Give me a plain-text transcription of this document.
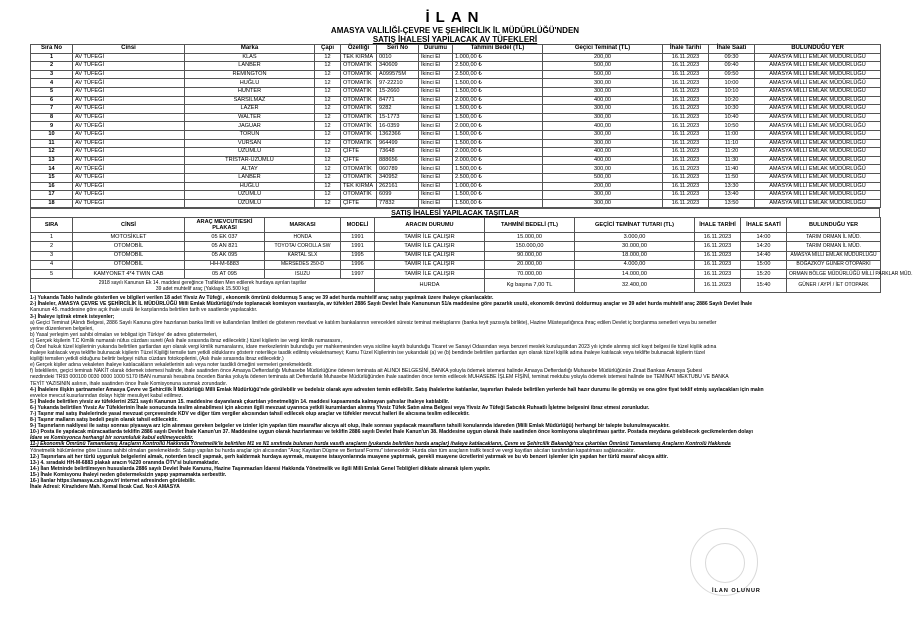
İLAN
AMASYA VALİLİĞİ-ÇEVRE VE ŞEHİRCİLİK İL MÜDÜRLÜĞÜ'NDEN
SATIŞ İHALESİ YAPILACAK AV TÜFEKLERİ
Sıra No	Cinsi	Marka	Çapı	Özelliği	Seri No	Durumu	Tahmini Bedel (TL)	Geçici Teminat (TL)	İhale Tarihi	İhale Saati	BULUNDUĞU YER
1	AV TÜFEĞİ	KLAS	12	TEK KIRMA	0010	İkinci El	1.000,00 ₺	200,00	16.11.2023	09:30	AMASYA MİLLİ EMLAK MÜDÜRLÜĞÜ
2	AV TÜFEĞİ	LANBER	12	OTOMATİK	340609	İkinci El	2.500,00 ₺	500,00	16.11.2023	09:40	AMASYA MİLLİ EMLAK MÜDÜRLÜĞÜ
3	AV TÜFEĞİ	REMINGTON	12	OTOMATİK	A099575M	İkinci El	2.500,00 ₺	500,00	16.11.2023	09:50	AMASYA MİLLİ EMLAK MÜDÜRLÜĞÜ
4	AV TÜFEĞİ	HUĞLU	12	OTOMATİK	97-22210	İkinci El	1.500,00 ₺	300,00	16.11.2023	10:00	AMASYA MİLLİ EMLAK MÜDÜRLÜĞÜ
5	AV TÜFEĞİ	HUNTER	12	OTOMATİK	15-2660	İkinci El	1.500,00 ₺	300,00	16.11.2023	10:10	AMASYA MİLLİ EMLAK MÜDÜRLÜĞÜ
6	AV TÜFEĞİ	SARSILMAZ	12	OTOMATİK	84771	İkinci El	2.000,00 ₺	400,00	16.11.2023	10:20	AMASYA MİLLİ EMLAK MÜDÜRLÜĞÜ
7	AV TÜFEĞİ	LAZER	12	OTOMATİK	9282	İkinci El	1.500,00 ₺	300,00	16.11.2023	10:30	AMASYA MİLLİ EMLAK MÜDÜRLÜĞÜ
8	AV TÜFEĞİ	WALTER	12	OTOMATİK	15-1773	İkinci El	1.500,00 ₺	300,00	16.11.2023	10:40	AMASYA MİLLİ EMLAK MÜDÜRLÜĞÜ
9	AV TÜFEĞİ	JAGUAR	12	OTOMATİK	16-0359	İkinci El	2.000,00 ₺	400,00	16.11.2023	10:50	AMASYA MİLLİ EMLAK MÜDÜRLÜĞÜ
10	AV TÜFEĞİ	TORUN	12	OTOMATİK	1362366	İkinci El	1.500,00 ₺	300,00	16.11.2023	11:00	AMASYA MİLLİ EMLAK MÜDÜRLÜĞÜ
11	AV TÜFEĞİ	VURSAN	12	OTOMATİK	964499	İkinci El	1.500,00 ₺	300,00	16.11.2023	11:10	AMASYA MİLLİ EMLAK MÜDÜRLÜĞÜ
12	AV TÜFEĞİ	ÜZÜMLÜ	12	ÇİFTE	73648	İkinci El	2.000,00 ₺	400,00	16.11.2023	11:20	AMASYA MİLLİ EMLAK MÜDÜRLÜĞÜ
13	AV TÜFEĞİ	TRİSTAR-ÜZÜMLÜ	12	ÇİFTE	888656	İkinci El	2.000,00 ₺	400,00	16.11.2023	11:30	AMASYA MİLLİ EMLAK MÜDÜRLÜĞÜ
14	AV TÜFEĞİ	ALTAY	12	OTOMATİK	060789	İkinci El	1.500,00 ₺	300,00	16.11.2023	11:40	AMASYA MİLLİ EMLAK MÜDÜRLÜĞÜ
15	AV TÜFEĞİ	LANBER	12	OTOMATİK	340952	İkinci El	2.500,00 ₺	500,00	16.11.2023	11:50	AMASYA MİLLİ EMLAK MÜDÜRLÜĞÜ
16	AV TÜFEĞİ	HUĞLU	12	TEK KIRMA	262161	İkinci El	1.000,00 ₺	200,00	16.11.2023	13:30	AMASYA MİLLİ EMLAK MÜDÜRLÜĞÜ
17	AV TÜFEĞİ	ÜZÜMLÜ	12	OTOMATİK	6099	İkinci El	1.500,00 ₺	300,00	16.11.2023	13:40	AMASYA MİLLİ EMLAK MÜDÜRLÜĞÜ
18	AV TÜFEĞİ	ÜZÜMLÜ	12	ÇİFTE	77832	İkinci El	1.500,00 ₺	300,00	16.11.2023	13:50	AMASYA MİLLİ EMLAK MÜDÜRLÜĞÜ
SATIŞ İHALESİ YAPILACAK TAŞITLAR
SIRA	CİNSİ	ARAÇ MEVCUT/ESKİ PLAKASI	MARKASI	MODELİ	ARACIN DURUMU	TAHMİNİ BEDELİ (TL)	GEÇİCİ TEMİNAT TUTARI (TL)	İHALE TARİHİ	İHALE SAATİ	BULUNDUĞU YER
1	MOTOSİKLET	05 EK 037	HONDA	1991	TAMİR İLE ÇALIŞIR	15.000,00	3.000,00	16.11.2023	14:00	TARIM ORMAN İL MÜD.
2	OTOMOBİL	05 AN 821	TOYOTA/ COROLLA SW	1991	TAMİR İLE ÇALIŞIR	150.000,00	30.000,00	16.11.2023	14:20	TARIM ORMAN İL MÜD.
3	OTOMOBİL	05 AK 095	KARTAL SLX	1995	TAMİR İLE ÇALIŞIR	90.000,00	18.000,00	16.11.2023	14:40	AMASYA MİLLİ EMLAK MÜDÜRLÜĞÜ
4	OTOMOBİL	HH-M-6883	MERSEDES 250-D	1996	TAMİR İLE ÇALIŞIR	20.000,00	4.000,00	16.11.2023	15:00	BOĞAZKÖY GÜNER OTOPARKI
5	KAMYONET 4*4 TWIN CAB	05 AT 095	ISUZU	1997	TAMİR İLE ÇALIŞIR	70.000,00	14.000,00	16.11.2023	15:20	ORMAN BÖLGE MÜDÜRLÜĞÜ MİLLİ PARKLAR MÜD.
2918 sayılı Kanunun Ek 14. maddesi gereğince Trafikten Men edilerek hurdaya ayrılan taşıtlar
39 adet muhtelif araç (Yaklaşık 15.500 kg)					HURDA	Kg başına 7,00 TL	32.400,00	16.11.2023	15:40	GÜNER / AYPİ / İET OTOPARK

1-) Yukarıda Tablo halinde gösterilen ve bilgileri verilen 18 adet Yivsiz Av Tüfeği , ekonomik ömrünü doldurmuş 5 araç ve 39 adet hurda muhtelif araç satışı yapılmak üzere ihaleye çıkarılacaktır.

2-) İhaleler, AMASYA ÇEVRE VE ŞEHİRCİLİK İL MÜDÜRLÜĞÜ Milli Emlak Müdürlüğü'nde toplanacak komisyon vasıtasıyla, av tüfekleri 2886 Sayılı Devlet İhale Kanununun 51/a maddesine göre pazarlık usulü, ekonomik ömrünü doldurmuş araçlar ve 39 adet hurda muhtelif araç 2886 Sayılı Devlet İhale

Kanunun 45. maddesine göre açık ihale usulü ile karşılarında belirtilen tarih ve saatlerde yapılacaktır.

3-) İhaleye iştirak etmek isteyenler;

a) Geçici Teminat (Alındı Belgesi, 2886 Sayılı Kanuna göre hazırlanan banka limiti ve kullandırılan limitleri de gösteren mevduat ve katılım bankalarının verecekleri süresiz teminat mektuplarını (banka teyit yazısıyla birlikte), Hazine Müsteşarlığınca ihraç edilen Devlet iç borçlanma senetleri veya bu senetler

yerine düzenlenen belgeleri,

b) Yasal yerleşim yeri sahibi olmaları ve tebligat için Türkiye' de adres göstermeleri,

c) Gerçek kişilerin T.C Kimlik numaralı nüfus cüzdanı sureti (Aslı ihale sırasında ibraz edilecektir.) tüzel kişilerin ise vergi kimlik numarasını,

d) Özel hukuk tüzel kişilerinin yukarıda belirtilen şartlardan ayrı olarak vergi kimlik numaralarını, idare merkezlerinin bulunduğu yer mahkemesinden veya siciline kayıtlı bulunduğu Ticaret ve Sanayi Odasından veya benzeri meslek kuruluşundan 2023 yılı içinde alınmış sicil kayıt belgesi ile tüzel kişilik adına

ihaleye katılacak veya teklifte bulunacak kişilerin Tüzel Kişiliği temsile tam yetkili olduklarını gösterir noterlikçe tasdik edilmiş vekaletnameyi; Kamu Tüzel Kişilerinin ise yukarıdaki (a) ve (b) bendinde belirtilen şartlardan ayrı olarak tüzel kişilik adına ihaleye katılacak veya teklifte bulunacak kişilerin tüzel

kişiliği temsilen yetkili olduğunu belirtir belgeyi nüfus cüzdanı fotokopilerini, (Aslı ihale sırasında ibraz edilecektir.)

e) Gerçek kişiler adına vekaleten ihaleye katılacakların vekaletlerinin aslı veya noter tasdikli örneğini vermeleri gerekmektedir.

f) İsteklilerin, geçici teminatı NAKİT olarak ödemek istemesi halinde, ihale saatinden önce Amasya Defterdarlığı Muhasebe Müdürlüğüne ödenen teminata ait ALINDI BELGESİNİ, BANKA yoluyla ödemek istemesi halinde Amasya Defterdarlığı Muhasebe Müdürlüğünün Ziraat Bankası Amasya Şubesi

nezdindeki TR93 000100 0030 0000 1000 5170 IBAN numaralı hesabına önceden Banka yoluyla ödenen teminata ait Defterdarlık Muhasebe Müdürlüğünden ihale saatinden önce temin edilecek MUHASEBE İŞLEM FİŞİNİ, teminat mektubu yoluyla ödemek istemesi halinde ise TEMİNAT MEKTUBU VE BANKA

TEYİT YAZISININ aslının, ihale saatinden önce İhale Komisyonuna sunmak zorundadır.

4-) İhalelere ilişkin şartnameler Amasya Çevre ve Şehircilik İl Müdürlüğü Milli Emlak Müdürlüğü'nde görülebilir ve bedelsiz olarak aynı adresten temin edilebilir. Satış ihalelerine katılanlar, taşınırları ihalede belirtilen yerlerde hali hazır durumu ile görmüş ve ona göre fiyat teklif etmiş sayılacakları için malın

evvelce mevcut kusurlarından dolayı hiçbir mesuliyet kabul edilmez.

5-) İhalede belirtilen yivsiz av tüfeklerini 2521 sayılı Kanunun 15. maddesine dayanılarak çıkartılan yönetmeliğin 14. maddesi kapsamında kalmayan şahıslar ihaleye katılabilir.

6-) Yukarıda belirtilen Yivsiz Av Tüfeklerinin İhale sonucunda teslim alınabilmesi için alıcının ilgili mevzuat uyarınca yetkili kurumlardan alınmış Yivsiz Tüfek Satın alma Belgesi veya Yivsiz Av Tüfeği Satıcılık Ruhsatlı İşletme belgesini ibraz etmesi zorunludur.

7-) Taşınır mal satış ihalelerinde yasal mevzuat çerçevesinde KDV ve diğer tüm vergiler alıcısından tahsil edilecek olup araçlar ve tüfekler mevcut halleri ile alıcısına teslim edilecektir.

8-) Taşınır malların satış bedeli peşin olarak tahsil edilecektir.

9-) Taşınırların nakliyesi ile satışı sonrası piyasaya arz için alınması gereken belgeler ve izinler için yapılan tüm masraflar alıcıya ait olup, ihale sonrası yapılacak masrafların tahsili konularında idareden (Milli Emlak Müdürlüğü) herhangi bir talepte bulunulmayacaktır.

10-) Posta ile yapılacak müracaatlarda teklifin 2886 sayılı Devlet İhale Kanun'un 37. Maddesine uygun olarak hazırlanması ve teklifin 2886 sayılı Devlet İhale Kanun'un 38. Maddesine uygun olarak ihale saatinden önce komisyona ulaştırılması şarttır. Postada meydana gelebilecek gecikmelerden dolayı

İdare ve Komisyonca herhangi bir sorumluluk kabul edilmeyecektir.

11-) Ekonomik Ömrünü Tamamlamış Araçların Kontrollü Hakkında Yönetmelik'le belirtilen M1 ve N1 sınıfında bulunan hurda vasıflı araçların (yukarıda belirtilen hurda araçlar) ihaleye katılacakların, Çevre ve Şehircilik Bakanlığı'nca çıkartılan Ömrünü Tamamlamış Araçların Kontrolü Hakkında

Yönetmelik hükümlerine göre Lisans sahibi olmaları gerekmektedir. Satışı yapılan bu hurda araçlar için alıcısından "Araç Kayıttan Düşme ve Bertaraf Formu" istenecektir. Hurda olan tüm araçların trafik tescil ve vergi kayıtları alıcıları tarafından kapatılması sağlanacaktır.

12-) Taşınırlara ait her türlü uygunluk belgelerini almak, noterden tescil yapmak, şerh kaldırmak hurdaya ayırmak, muayene istasyonlarında muayene yaptırmak, gerekli muayene ücretlerini yatırmak ve bu vb benzeri işlemler için yapılan her türlü masraf alıcıya aittir.

13-) 4. sıradaki HH-M-6883 plakalı aracın %220 oranında ÖTV'si bulunmaktadır.

14-) İlan Metninde belirtilmeyen hususlarda 2886 sayılı Devlet İhale Kanunu, Hazine Taşınmazları İdaresi Hakkında Yönetmelik ve ilgili Milli Emlak Genel Tebliğleri dikkate alınarak işlem yapılır.

15-) İhale Komisyonu ihaleyi neden göstermeksizin yapıp yapmamakta serbesttir.

16-) İlanlar https://amasya.csb.gov.tr/ internet adresinden görülebilir.

İhale Adresi: Kirazlıdere Mah. Kemal Ilıcak Cad. No:4 AMASYA

İLAN OLUNUR
